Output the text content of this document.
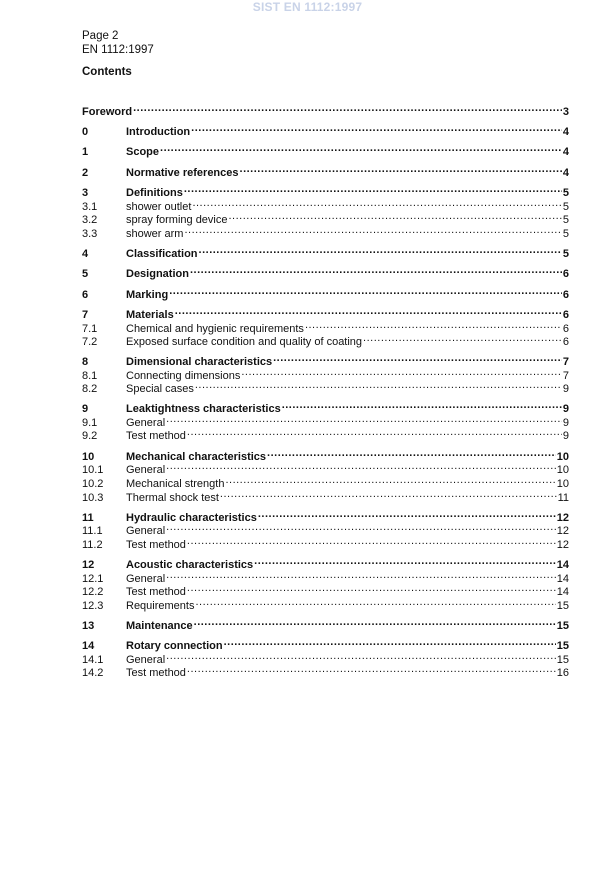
SIST EN 1112:1997
Page 2
EN 1112:1997
Contents
Foreword .....	3
0	Introduction .....	4
1	Scope .....	4
2	Normative references .....	4
3	Definitions .....	5
3.1	shower outlet .....	5
3.2	spray forming device .....	5
3.3	shower arm .....	5
4	Classification .....	5
5	Designation .....	6
6	Marking .....	6
7	Materials .....	6
7.1	Chemical and hygienic requirements .....	6
7.2	Exposed surface condition and quality of coating .....	6
8	Dimensional characteristics .....	7
8.1	Connecting dimensions .....	7
8.2	Special cases .....	9
9	Leaktightness characteristics .....	9
9.1	General .....	9
9.2	Test method .....	9
10	Mechanical characteristics .....	10
10.1	General .....	10
10.2	Mechanical strength .....	10
10.3	Thermal shock test .....	11
11	Hydraulic characteristics .....	12
11.1	General .....	12
11.2	Test method .....	12
12	Acoustic characteristics .....	14
12.1	General .....	14
12.2	Test method .....	14
12.3	Requirements .....	15
13	Maintenance .....	15
14	Rotary connection .....	15
14.1	General .....	15
14.2	Test method .....	16
